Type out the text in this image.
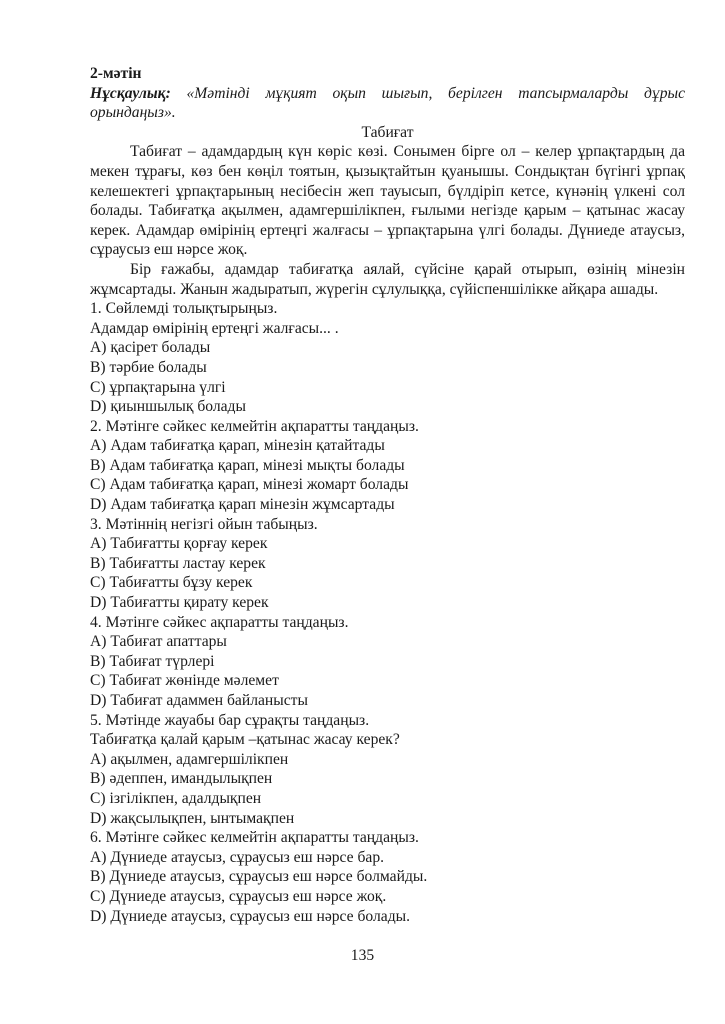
2-мәтін
Нұсқаулық: «Мәтінді мұқият оқып шығып, берілген тапсырмаларды дұрыс орындаңыз».
Табиғат
Табиғат – адамдардың күн көріс көзі. Сонымен бірге ол – келер ұрпақтардың да мекен тұрағы, көз бен көңіл тоятын, қызықтайтын қуанышы. Сондықтан бүгінгі ұрпақ келешектегі ұрпақтарының несібесін жеп тауысып, бүлдіріп кетсе, күнәнің үлкені сол болады. Табиғатқа ақылмен, адамгершілікпен, ғылыми негізде қарым – қатынас жасау керек. Адамдар өмірінің ертеңгі жалғасы – ұрпақтарына үлгі болады. Дүниеде атаусыз, сұраусыз еш нәрсе жоқ.
Бір ғажабы, адамдар табиғатқа аялай, сүйсіне қарай отырып, өзінің мінезін жұмсартады. Жанын жадыратып, жүрегін сұлулыққа, сүйіспеншілікке айқара ашады.
1. Сөйлемді толықтырыңыз.
Адамдар өмірінің ертеңгі жалғасы... .
A) қасірет болады
B) тәрбие болады
C) ұрпақтарына үлгі
D) қиыншылық болады
2. Мәтінге сәйкес келмейтін ақпаратты таңдаңыз.
A) Адам табиғатқа қарап, мінезін қатайтады
B) Адам табиғатқа қарап, мінезі мықты болады
C) Адам табиғатқа қарап, мінезі жомарт болады
D) Адам табиғатқа қарап мінезін жұмсартады
3. Мәтіннің негізгі ойын табыңыз.
A) Табиғатты қорғау керек
B) Табиғатты ластау керек
C) Табиғатты бұзу керек
D) Табиғатты қирату керек
4. Мәтінге сәйкес ақпаратты таңдаңыз.
A) Табиғат апаттары
B) Табиғат түрлері
C) Табиғат жөнінде мәлемет
D) Табиғат адаммен байланысты
5. Мәтінде жауабы бар сұрақты таңдаңыз.
Табиғатқа қалай қарым –қатынас жасау керек?
A) ақылмен, адамгершілікпен
B) әдеппен, имандылықпен
C) ізгілікпен, адалдықпен
D) жақсылықпен, ынтымақпен
6. Мәтінге сәйкес келмейтін ақпаратты таңдаңыз.
A) Дүниеде атаусыз, сұраусыз еш нәрсе бар.
B) Дүниеде атаусыз, сұраусыз еш нәрсе болмайды.
C) Дүниеде атаусыз, сұраусыз еш нәрсе жоқ.
D) Дүниеде атаусыз, сұраусыз еш нәрсе болады.
135
